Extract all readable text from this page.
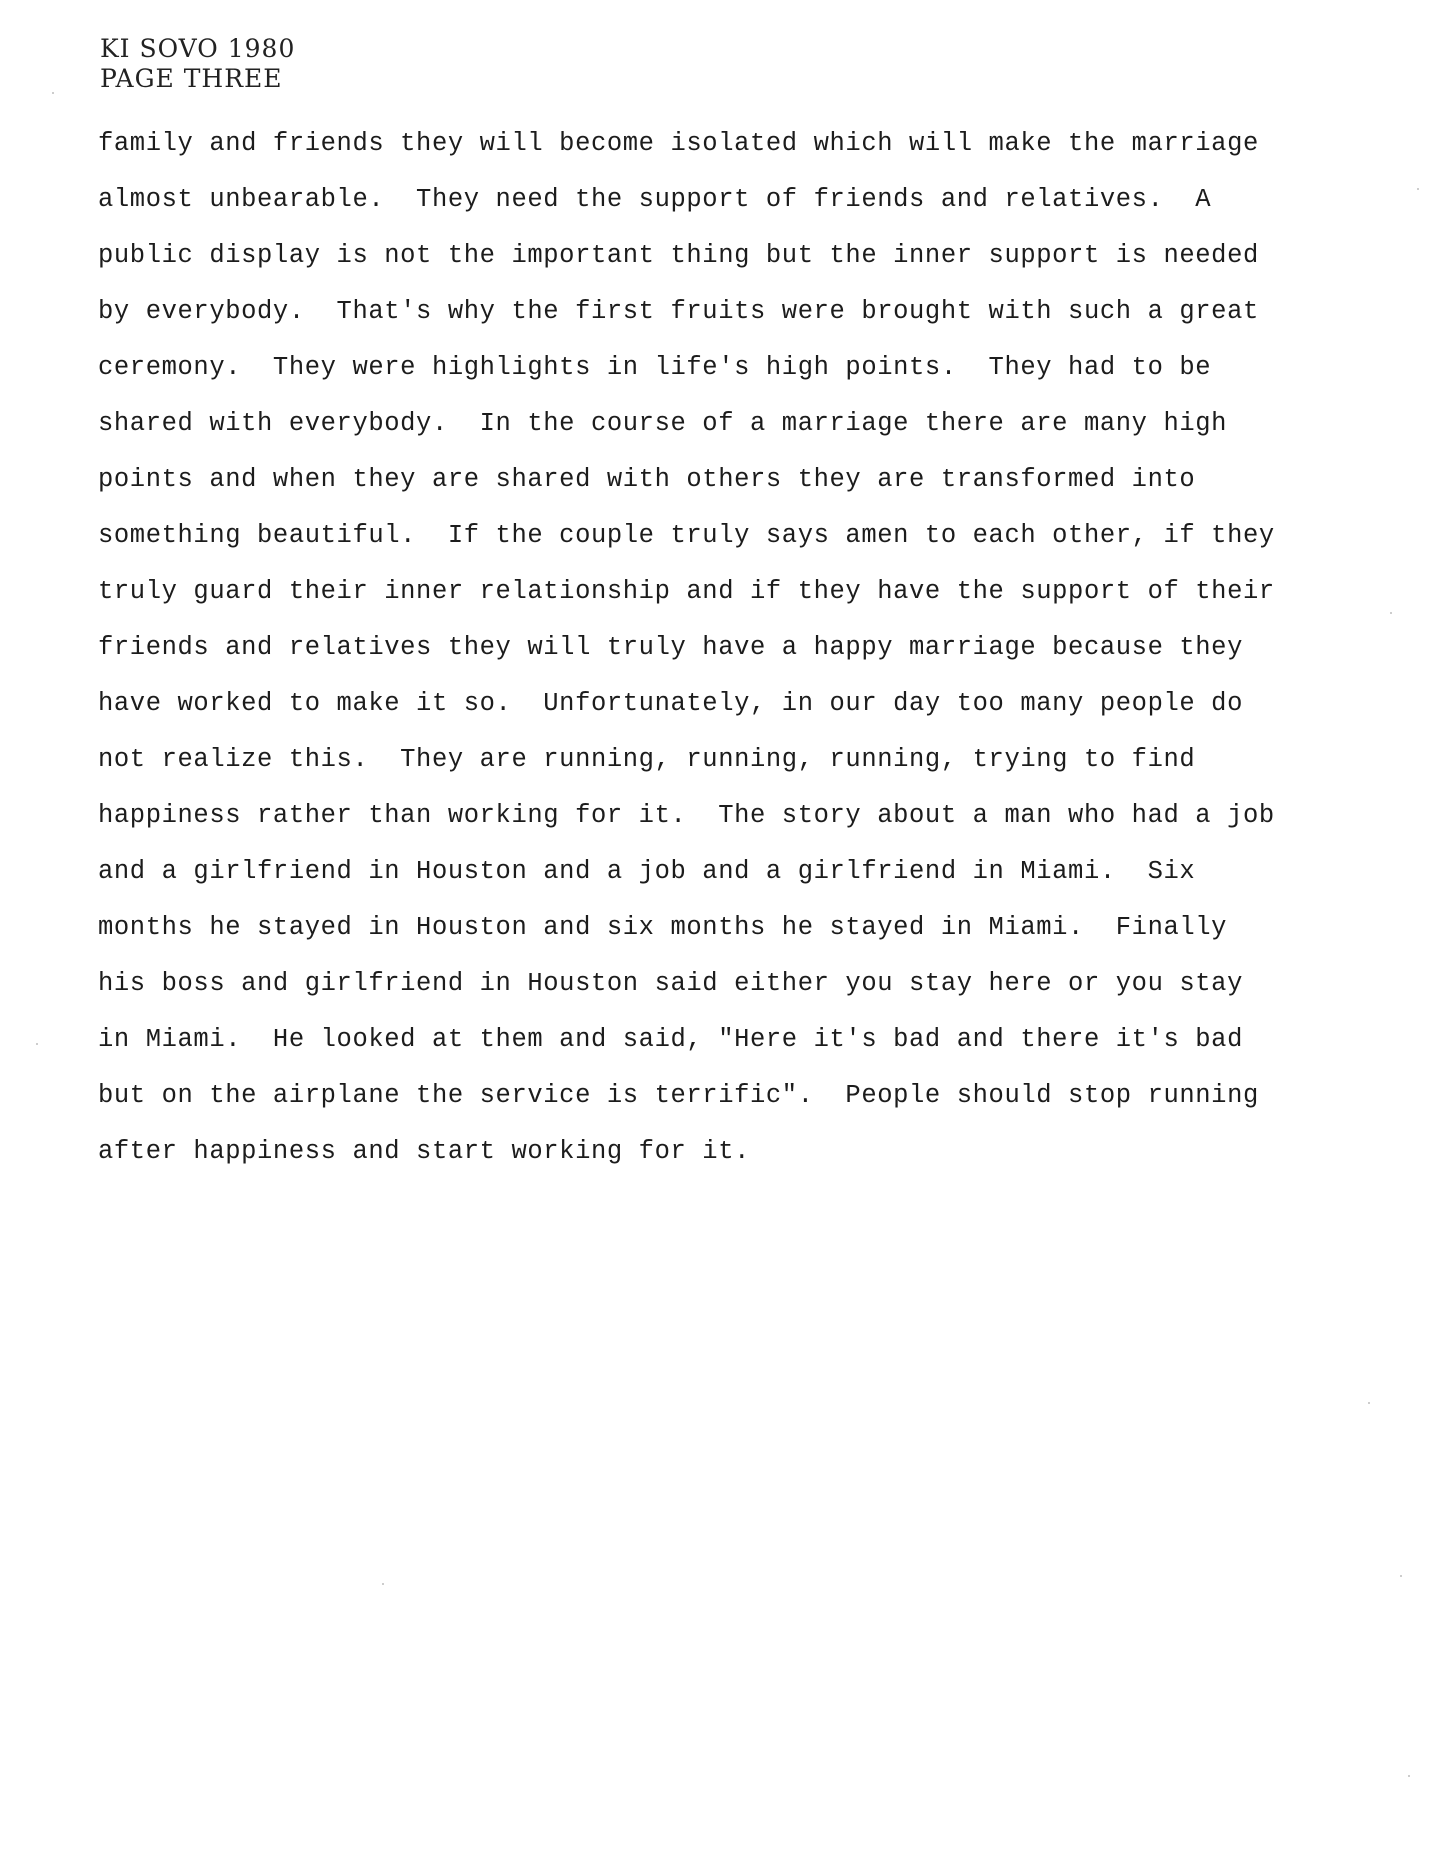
KI SOVO 1980
PAGE THREE
family and friends they will become isolated which will make the marriage
almost unbearable.  They need the support of friends and relatives.  A
public display is not the important thing but the inner support is needed
by everybody.  That's why the first fruits were brought with such a great
ceremony.  They were highlights in life's high points.  They had to be
shared with everybody.  In the course of a marriage there are many high
points and when they are shared with others they are transformed into
something beautiful.  If the couple truly says amen to each other, if they
truly guard their inner relationship and if they have the support of their
friends and relatives they will truly have a happy marriage because they
have worked to make it so.  Unfortunately, in our day too many people do
not realize this.  They are running, running, running, trying to find
happiness rather than working for it.  The story about a man who had a job
and a girlfriend in Houston and a job and a girlfriend in Miami.  Six
months he stayed in Houston and six months he stayed in Miami.  Finally
his boss and girlfriend in Houston said either you stay here or you stay
in Miami.  He looked at them and said, "Here it's bad and there it's bad
but on the airplane the service is terrific".  People should stop running
after happiness and start working for it.
